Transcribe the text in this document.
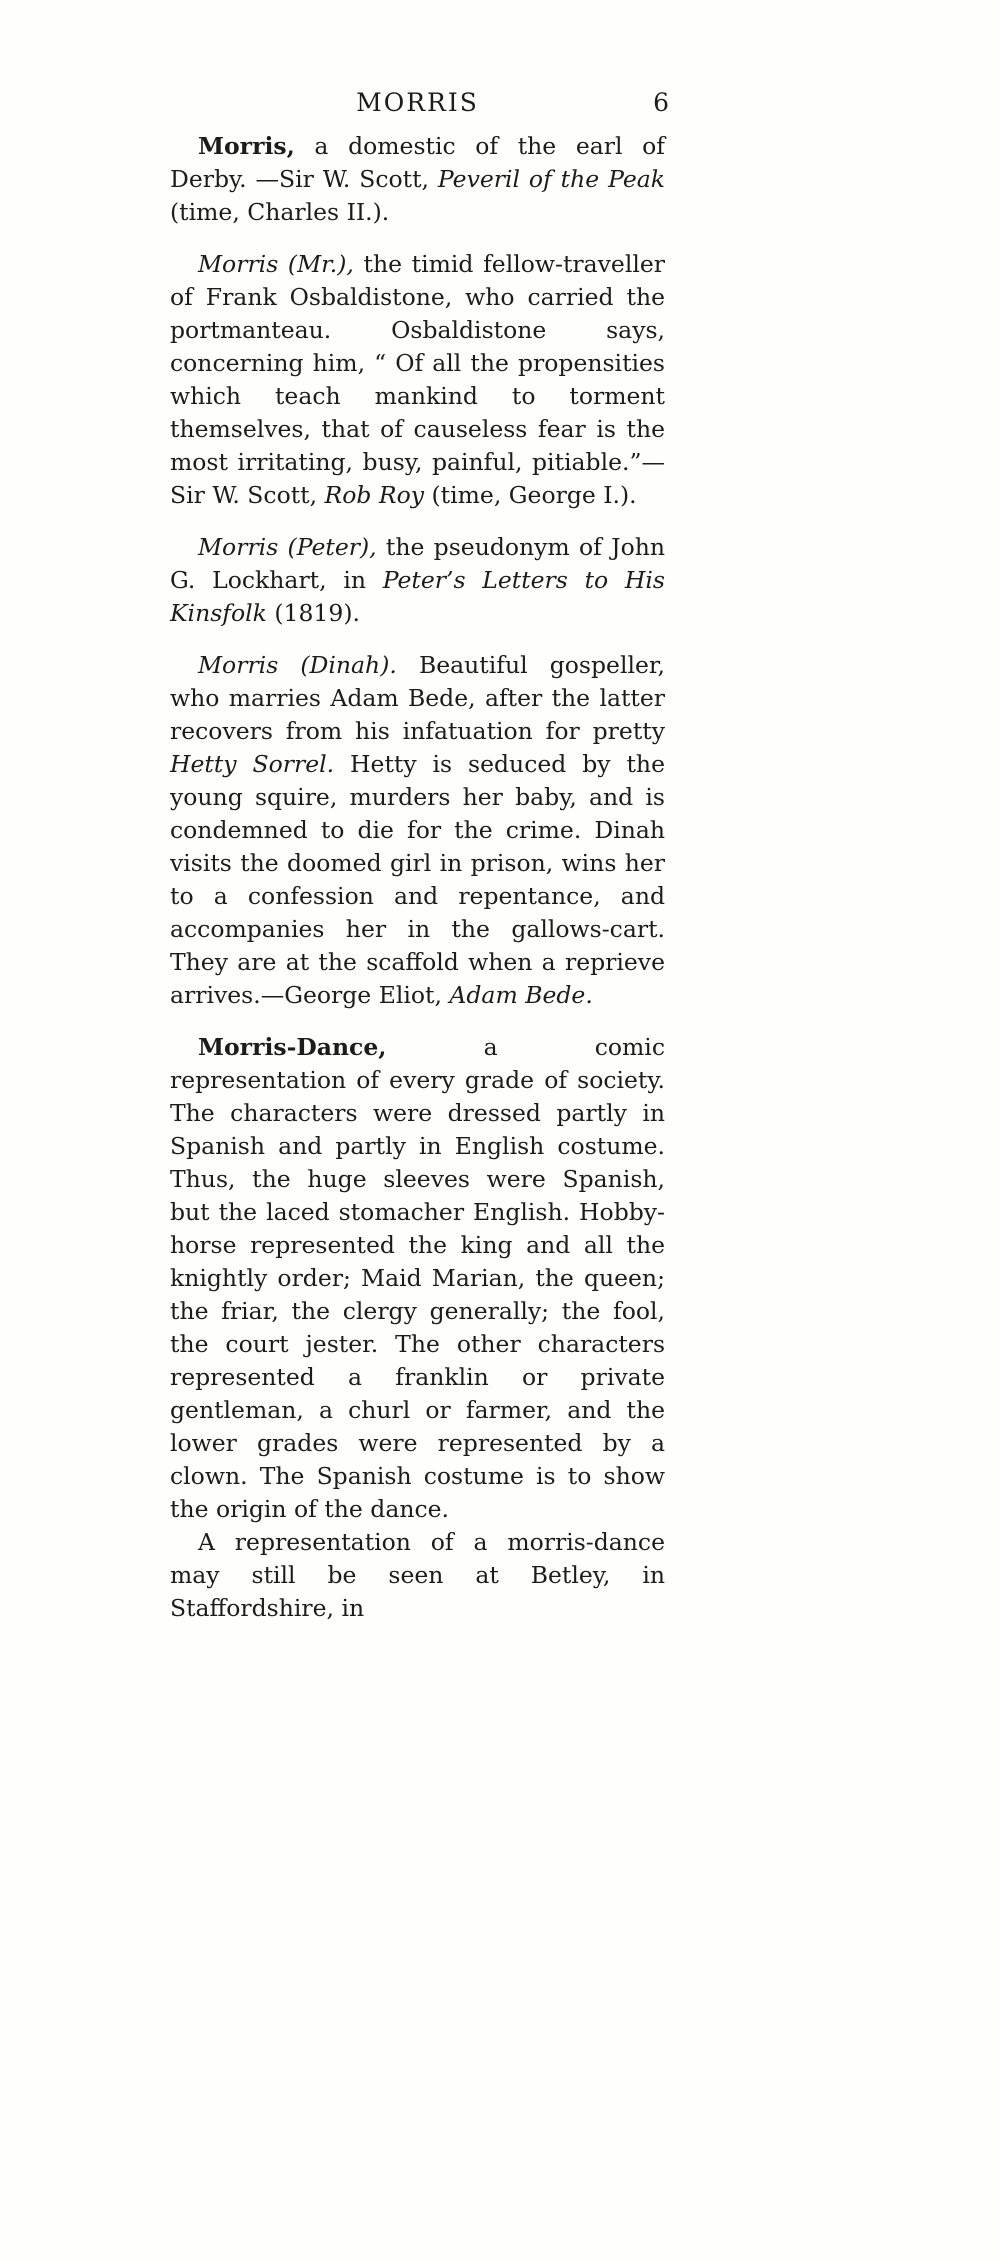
MORRIS	6

Morris, a domestic of the earl of Derby. —Sir W. Scott, Peveril of the Peak (time, Charles II.).

Morris (Mr.), the timid fellow-traveller of Frank Osbaldistone, who carried the portmanteau. Osbaldistone says, concerning him, “ Of all the propensities which teach mankind to torment themselves, that of causeless fear is the most irritating, busy, painful, pitiable.”—Sir W. Scott, Rob Roy (time, George I.).

Morris (Peter), the pseudonym of John G. Lockhart, in Peter’s Letters to His Kinsfolk (1819).

Morris (Dinah). Beautiful gospeller, who marries Adam Bede, after the latter recovers from his infatuation for pretty Hetty Sorrel. Hetty is seduced by the young squire, murders her baby, and is condemned to die for the crime. Dinah visits the doomed girl in prison, wins her to a confession and repentance, and accompanies her in the gallows-cart. They are at the scaffold when a reprieve arrives.—George Eliot, Adam Bede.

Morris-Dance, a comic representation of every grade of society. The characters were dressed partly in Spanish and partly in English costume. Thus, the huge sleeves were Spanish, but the laced stomacher English. Hobby-horse represented the king and all the knightly order; Maid Marian, the queen; the friar, the clergy generally; the fool, the court jester. The other characters represented a franklin or private gentleman, a churl or farmer, and the lower grades were represented by a clown. The Spanish costume is to show the origin of the dance.

A representation of a morris-dance may still be seen at Betley, in Staffordshire, in
